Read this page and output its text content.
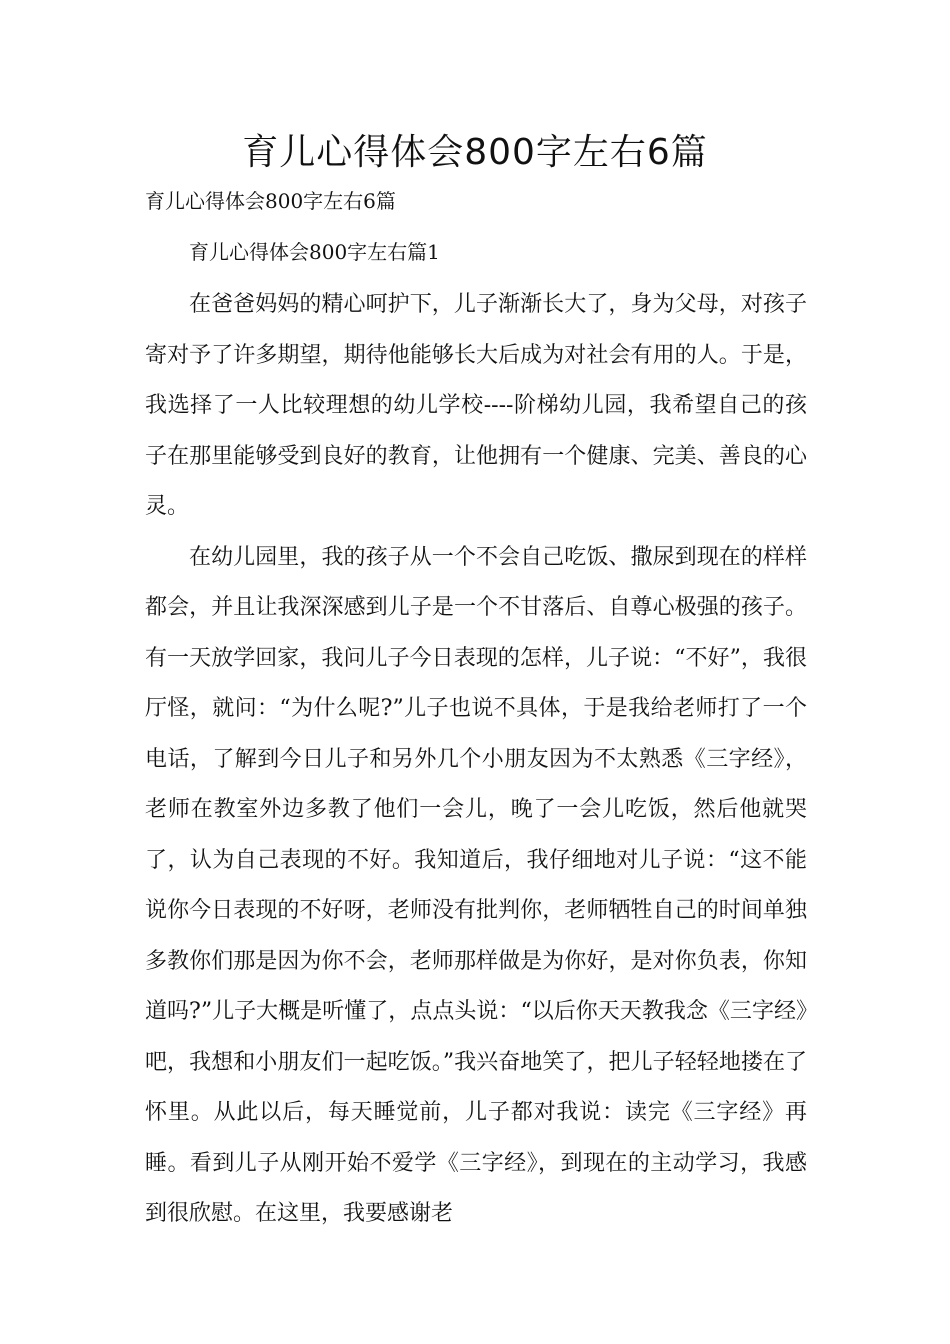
育儿心得体会800字左右6篇
育儿心得体会800字左右6篇
育儿心得体会800字左右篇1

在爸爸妈妈的精心呵护下，儿子渐渐长大了，身为父母，对孩子寄对予了许多期望，期待他能够长大后成为对社会有用的人。于是，我选择了一人比较理想的幼儿学校----阶梯幼儿园，我希望自己的孩子在那里能够受到良好的教育，让他拥有一个健康、完美、善良的心灵。

在幼儿园里，我的孩子从一个不会自己吃饭、撒尿到现在的样样都会，并且让我深深感到儿子是一个不甘落后、自尊心极强的孩子。有一天放学回家，我问儿子今日表现的怎样，儿子说：“不好”，我很厅怪，就问：“为什么呢?”儿子也说不具体，于是我给老师打了一个电话，了解到今日儿子和另外几个小朋友因为不太熟悉《三字经》，老师在教室外边多教了他们一会儿，晚了一会儿吃饭，然后他就哭了，认为自己表现的不好。我知道后，我仔细地对儿子说：“这不能说你今日表现的不好呀，老师没有批判你，老师牺牲自己的时间单独多教你们那是因为你不会，老师那样做是为你好，是对你负表，你知道吗?”儿子大概是听懂了，点点头说：“以后你天天教我念《三字经》吧，我想和小朋友们一起吃饭。”我兴奋地笑了，把儿子轻轻地搂在了怀里。从此以后，每天睡觉前，儿子都对我说：读完《三字经》再睡。看到儿子从刚开始不爱学《三字经》，到现在的主动学习，我感到很欣慰。在这里，我要感谢老
